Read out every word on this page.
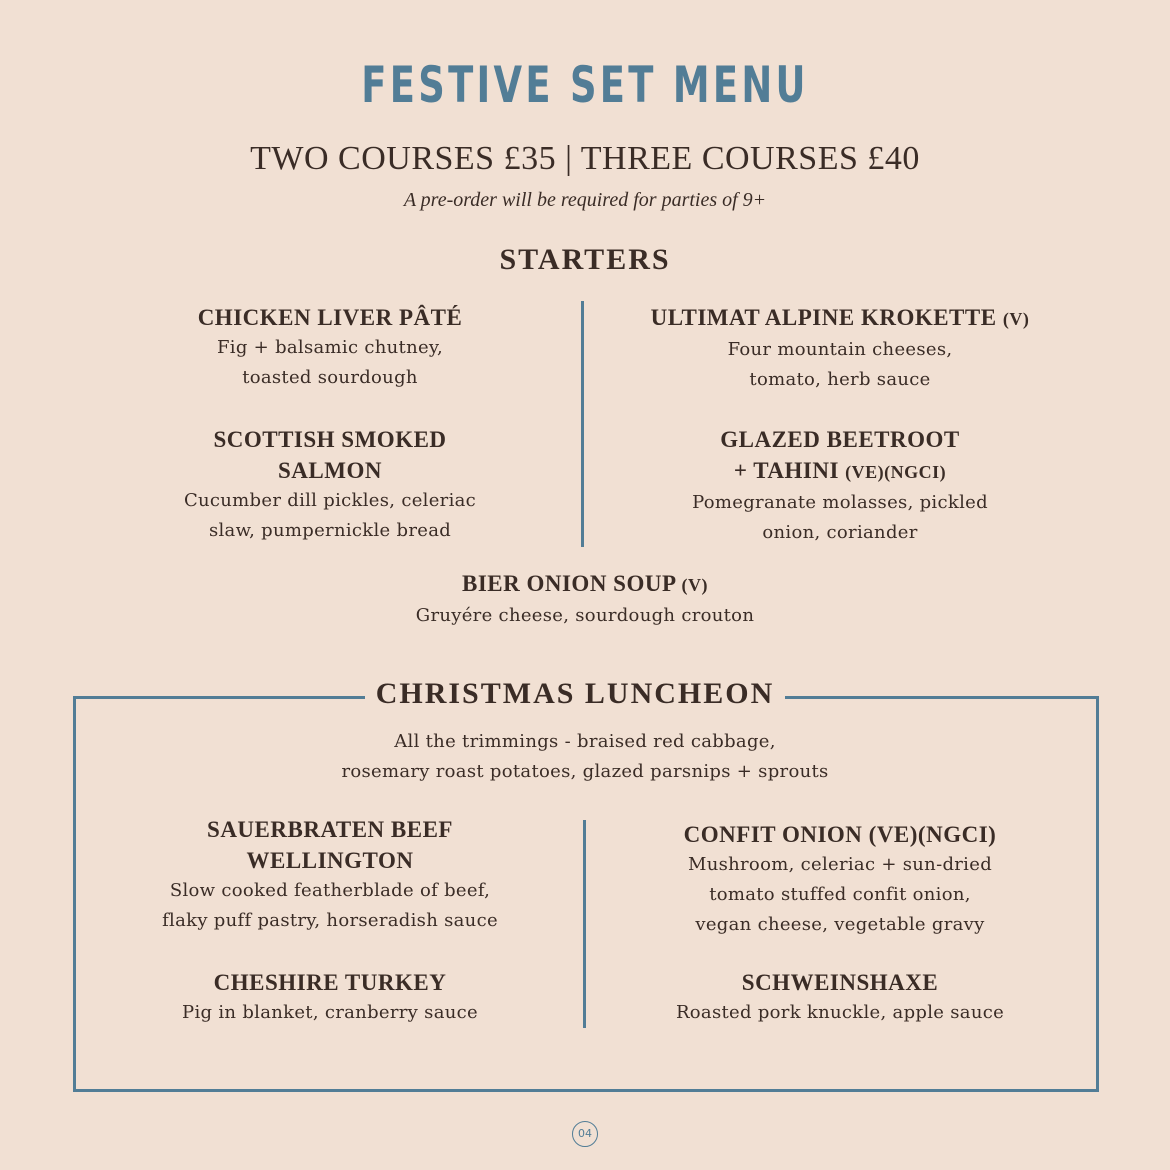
FESTIVE SET MENU
TWO COURSES £35 | THREE COURSES £40
A pre-order will be required for parties of 9+
STARTERS
CHICKEN LIVER PÂTÉ
Fig + balsamic chutney,
toasted sourdough
ULTIMAT ALPINE KROKETTE (V)
Four mountain cheeses,
tomato, herb sauce
SCOTTISH SMOKED
SALMON
Cucumber dill pickles, celeriac
slaw, pumpernickle bread
GLAZED BEETROOT
+ TAHINI (VE)(NGCI)
Pomegranate molasses, pickled
onion, coriander
BIER ONION SOUP (V)
Gruyére cheese, sourdough crouton
CHRISTMAS LUNCHEON
All the trimmings - braised red cabbage,
rosemary roast potatoes, glazed parsnips + sprouts
SAUERBRATEN BEEF
WELLINGTON
Slow cooked featherblade of beef,
flaky puff pastry, horseradish sauce
CONFIT ONION (VE)(NGCI)
Mushroom, celeriac + sun-dried
tomato stuffed confit onion,
vegan cheese, vegetable gravy
CHESHIRE TURKEY
Pig in blanket, cranberry sauce
SCHWEINSHAXE
Roasted pork knuckle, apple sauce
04
